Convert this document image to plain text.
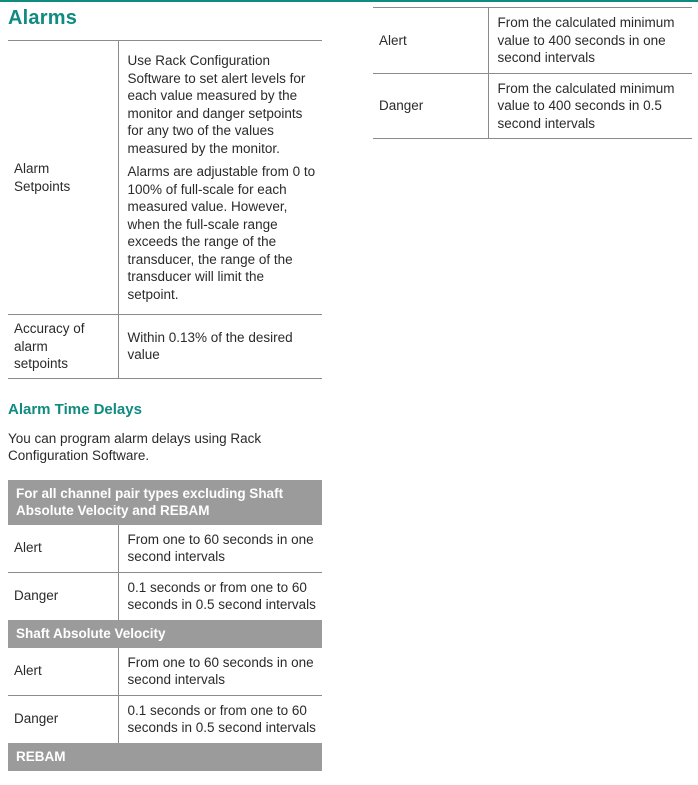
Alarms
Alarm Setpoints	Use Rack Configuration Software to set alert levels for each value measured by the monitor and danger setpoints for any two of the values measured by the monitor.

Alarms are adjustable from 0 to 100% of full-scale for each measured value. However, when the full-scale range exceeds the range of the transducer, the range of the transducer will limit the setpoint.

Accuracy of alarm setpoints	Within 0.13% of the desired value
Alarm Time Delays

You can program alarm delays using Rack Configuration Software.

For all channel pair types excluding Shaft Absolute Velocity and REBAM
Alert	From one to 60 seconds in one second intervals
Danger	0.1 seconds or from one to 60 seconds in 0.5 second intervals
Shaft Absolute Velocity
Alert	From one to 60 seconds in one second intervals
Danger	0.1 seconds or from one to 60 seconds in 0.5 second intervals
REBAM
Alert	From the calculated minimum value to 400 seconds in one second intervals
Danger	From the calculated minimum value to 400 seconds in 0.5 second intervals
